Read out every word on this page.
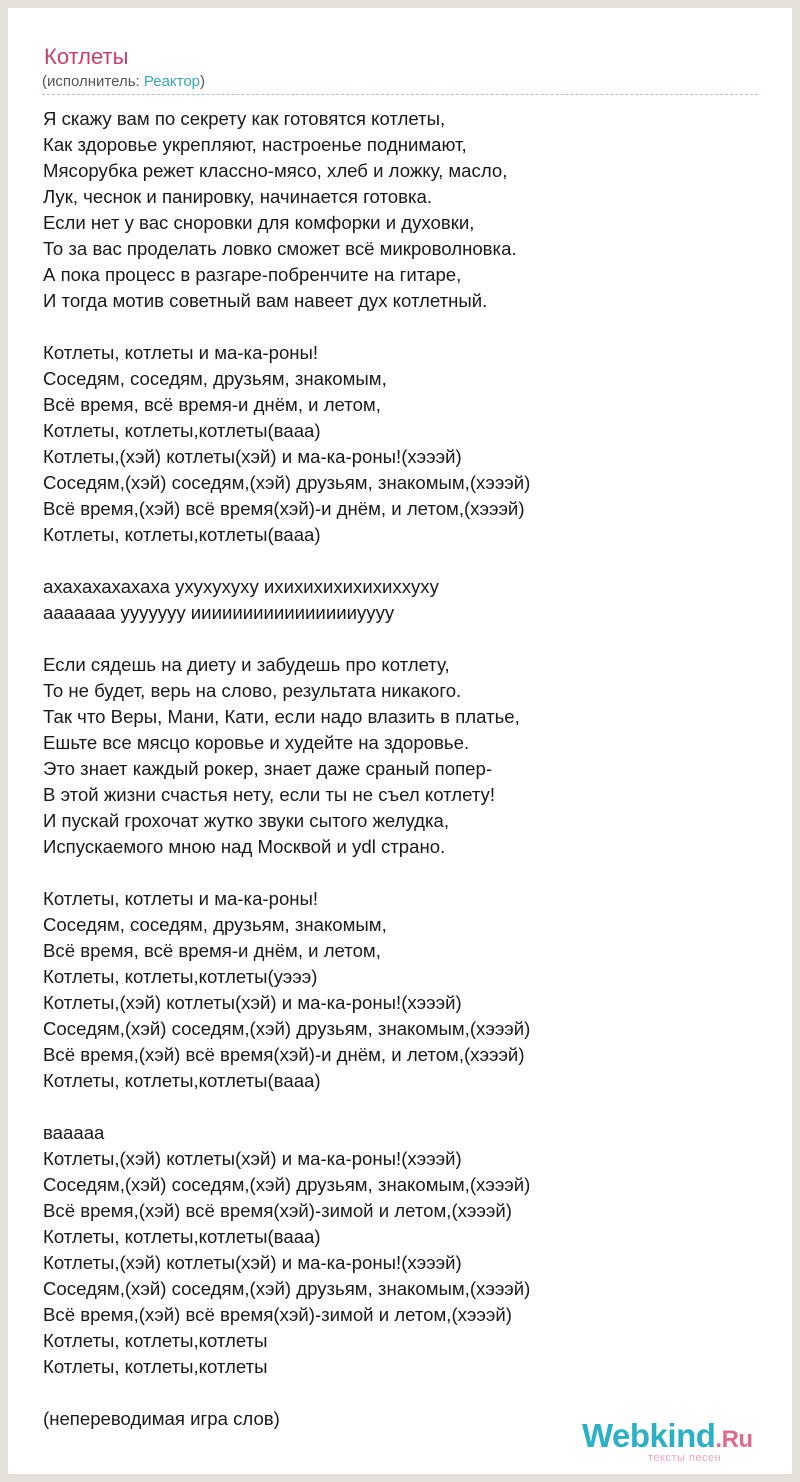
Котлеты
(исполнитель: Реактор)
Я скажу вам по секрету как готовятся котлеты,
Как здоровье укрепляют, настроенье поднимают,
Мясорубка режет классно-мясо, хлеб и ложку, масло,
Лук, чеснок и панировку, начинается готовка.
Если нет у вас сноровки для комфорки и духовки,
То за вас проделать ловко сможет всё микроволновка.
А пока процесс в разгаре-побренчите на гитаре,
И тогда мотив советный вам навеет дух котлетный.
Котлеты, котлеты и ма-ка-роны!
Соседям, соседям, друзьям, знакомым,
Всё время, всё время-и днём, и летом,
Котлеты, котлеты,котлеты(ваaa)
Котлеты,(хэй) котлеты(хэй) и ма-ка-роны!(хэээй)
Соседям,(хэй) соседям,(хэй) друзьям, знакомым,(хэээй)
Всё время,(хэй) всё время(хэй)-и днём, и летом,(хэээй)
Котлеты, котлеты,котлеты(ваaa)
ахахахахахаха ухухухуху ихихихихихихиххуху
ааааааа ууууууу ииииииииииииииииуууу
Если сядешь на диету и забудешь про котлету,
То не будет, верь на слово, результата никакого.
Так что Веры, Мани, Кати, если надо влазить в платье,
Ешьте все мясцо коровье и худейте на здоровье.
Это знает каждый рокер, знает даже сраный попер-
В этой жизни счастья нету, если ты не съел котлету!
И пускай грохочат жутко звуки сытого желудка,
Испускаемого мною над Москвой и ydl страно.
Котлеты, котлеты и ма-ка-роны!
Соседям, соседям, друзьям, знакомым,
Всё время, всё время-и днём, и летом,
Котлеты, котлеты,котлеты(уэээ)
Котлеты,(хэй) котлеты(хэй) и ма-ка-роны!(хэээй)
Соседям,(хэй) соседям,(хэй) друзьям, знакомым,(хэээй)
Всё время,(хэй) всё время(хэй)-и днём, и летом,(хэээй)
Котлеты, котлеты,котлеты(ваaa)
ваaaaa
Котлеты,(хэй) котлеты(хэй) и ма-ка-роны!(хэээй)
Соседям,(хэй) соседям,(хэй) друзьям, знакомым,(хэээй)
Всё время,(хэй) всё время(хэй)-зимой и летом,(хэээй)
Котлеты, котлеты,котлеты(ваaa)
Котлеты,(хэй) котлеты(хэй) и ма-ка-роны!(хэээй)
Соседям,(хэй) соседям,(хэй) друзьям, знакомым,(хэээй)
Всё время,(хэй) всё время(хэй)-зимой и летом,(хэээй)
Котлеты, котлеты,котлеты
Котлеты, котлеты,котлеты
(непереводимая игра слов)	Webkind.Ru
тексты песен
